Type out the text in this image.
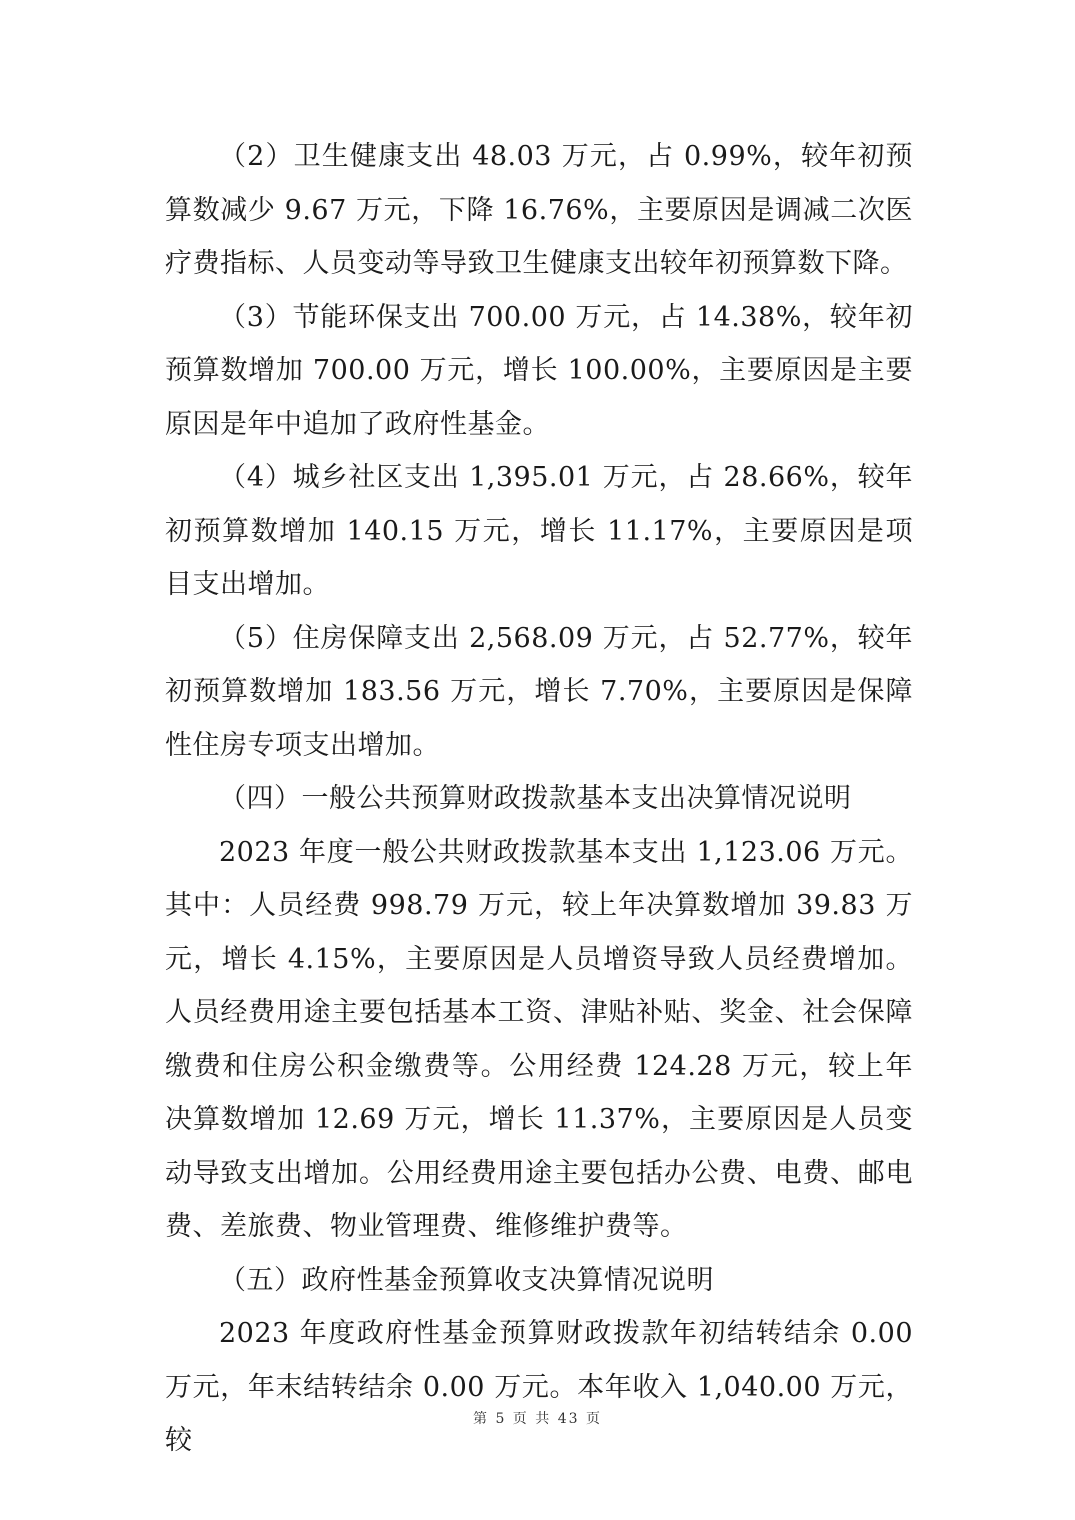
（2）卫生健康支出 48.03 万元，占 0.99%，较年初预算数减少 9.67 万元，下降 16.76%，主要原因是调减二次医疗费指标、人员变动等导致卫生健康支出较年初预算数下降。

（3）节能环保支出 700.00 万元，占 14.38%，较年初预算数增加 700.00 万元，增长 100.00%，主要原因是主要原因是年中追加了政府性基金。

（4）城乡社区支出 1,395.01 万元，占 28.66%，较年初预算数增加 140.15 万元，增长 11.17%，主要原因是项目支出增加。

（5）住房保障支出 2,568.09 万元，占 52.77%，较年初预算数增加 183.56 万元，增长 7.70%，主要原因是保障性住房专项支出增加。

（四）一般公共预算财政拨款基本支出决算情况说明

2023 年度一般公共财政拨款基本支出 1,123.06 万元。其中：人员经费 998.79 万元，较上年决算数增加 39.83 万元，增长 4.15%，主要原因是人员增资导致人员经费增加。人员经费用途主要包括基本工资、津贴补贴、奖金、社会保障缴费和住房公积金缴费等。公用经费 124.28 万元，较上年决算数增加 12.69 万元，增长 11.37%，主要原因是人员变动导致支出增加。公用经费用途主要包括办公费、电费、邮电费、差旅费、物业管理费、维修维护费等。

（五）政府性基金预算收支决算情况说明

2023 年度政府性基金预算财政拨款年初结转结余 0.00 万元，年末结转结余 0.00 万元。本年收入 1,040.00 万元，较

第 5 页 共 43 页
